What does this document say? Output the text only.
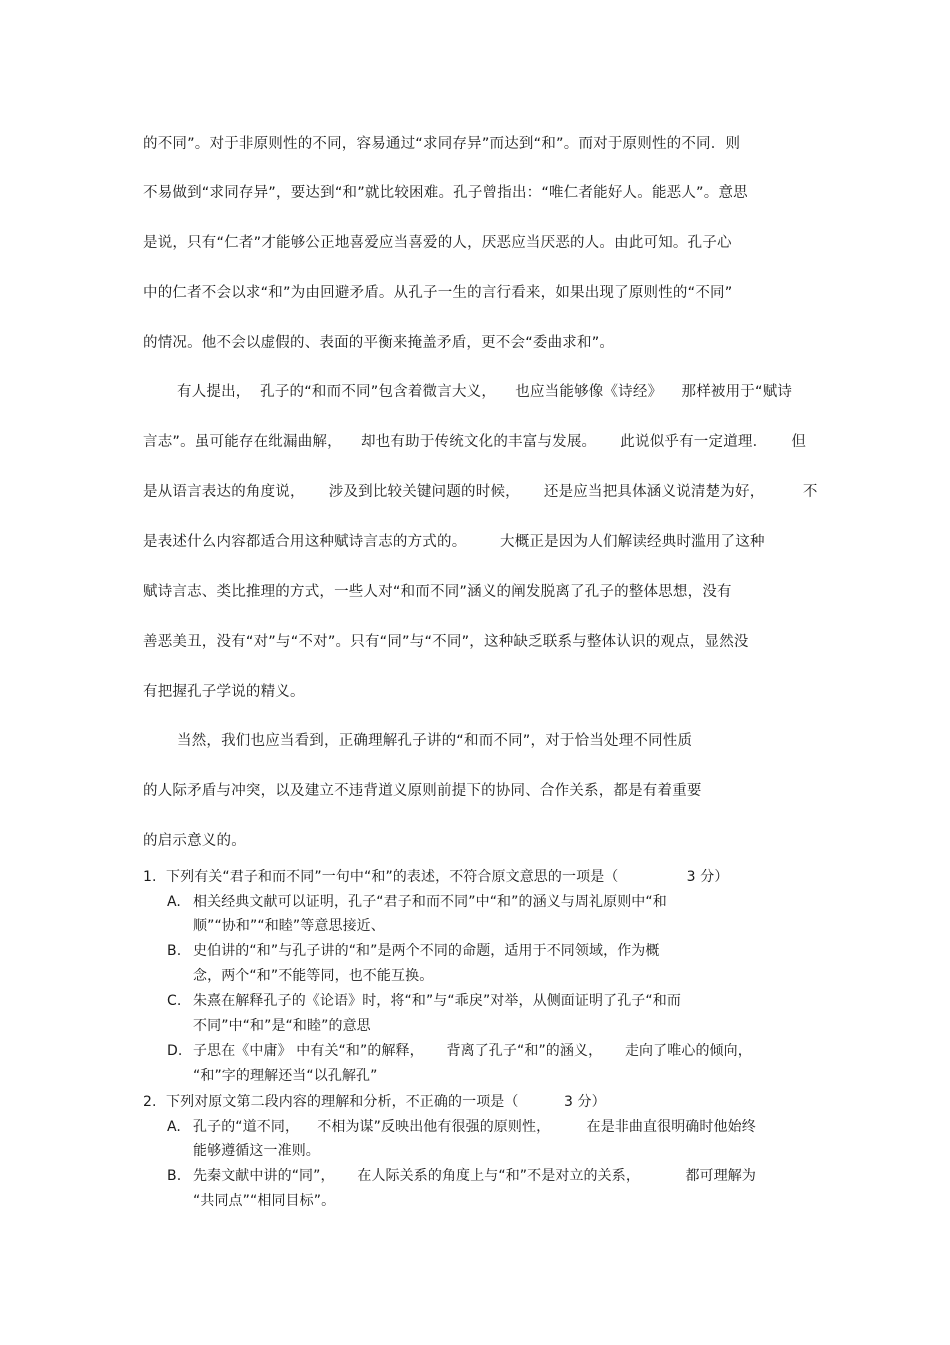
的不同”。对于非原则性的不同，容易通过“求同存异”而达到“和”。而对于原则性的不同．则
不易做到“求同存异”，要达到“和”就比较困难。孔子曾指出：“唯仁者能好人。能恶人”。意思
是说，只有“仁者”才能够公正地喜爱应当喜爱的人，厌恶应当厌恶的人。由此可知。孔子心
中的仁者不会以求“和”为由回避矛盾。从孔子一生的言行看来，如果出现了原则性的“不同”
的情况。他不会以虚假的、表面的平衡来掩盖矛盾，更不会“委曲求和”。
有人提出，  孔子的“和而不同”包含着微言大义，    也应当能够像《诗经》    那样被用于“赋诗
言志”。虽可能存在纰漏曲解，    却也有助于传统文化的丰富与发展。     此说似乎有一定道理．     但
是从语言表达的角度说，     涉及到比较关键问题的时候，     还是应当把具体涵义说清楚为好，        不
是表述什么内容都适合用这种赋诗言志的方式的。       大概正是因为人们解读经典时滥用了这种
赋诗言志、类比推理的方式，一些人对“和而不同”涵义的阐发脱离了孔子的整体思想，没有
善恶美丑，没有“对”与“不对”。只有“同”与“不同”，这种缺乏联系与整体认识的观点，显然没
有把握孔子学说的精义。
当然，我们也应当看到，正确理解孔子讲的“和而不同”，对于恰当处理不同性质
的人际矛盾与冲突，以及建立不违背道义原则前提下的协同、合作关系，都是有着重要
的启示意义的。
1. 下列有关“君子和而不同”一句中“和”的表述，不符合原文意思的一项是（               3 分）
A. 相关经典文献可以证明，孔子“君子和而不同”中“和”的涵义与周礼原则中“和
顺”“协和”“和睦”等意思接近、
B. 史伯讲的“和”与孔子讲的“和”是两个不同的命题，适用于不同领域，作为概
念，两个“和”不能等同，也不能互换。
C. 朱熹在解释孔子的《论语》时，将“和”与“乖戾”对举，从侧面证明了孔子“和而
不同”中“和”是“和睦”的意思
D. 子思在《中庸》 中有关“和”的解释，     背离了孔子“和”的涵义，     走向了唯心的倾向，
“和”字的理解还当“以孔解孔”
2. 下列对原文第二段内容的理解和分析，不正确的一项是（          3 分）
A. 孔子的“道不同，    不相为谋”反映出他有很强的原则性，        在是非曲直很明确时他始终
能够遵循这一准则。
B. 先秦文献中讲的“同”，     在人际关系的角度上与“和”不是对立的关系，          都可理解为
“共同点”“相同目标”。
